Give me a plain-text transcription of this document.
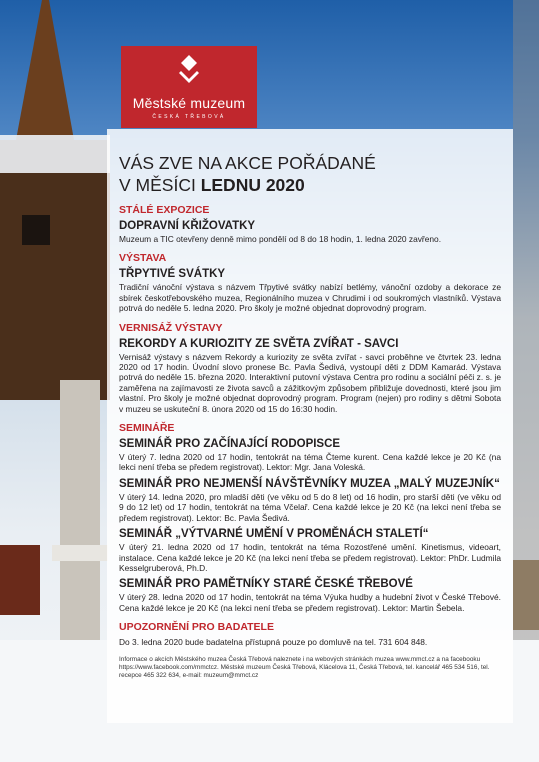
Městské muzeum
ČESKÁ TŘEBOVÁ
VÁS ZVE NA AKCE POŘÁDANÉ
V MĚSÍCI LEDNU 2020
STÁLÉ EXPOZICE
DOPRAVNÍ KŘIŽOVATKY
Muzeum a TIC otevřeny denně mimo pondělí od 8 do 18 hodin, 1. ledna 2020 zavřeno.
VÝSTAVA
TŘPYTIVÉ SVÁTKY
Tradiční vánoční výstava s názvem Třpytivé svátky nabízí betlémy, vánoční ozdoby a dekorace ze sbírek českotřebovského muzea, Regionálního muzea v Chrudimi i od soukromých vlastníků. Výstava potrvá do neděle 5. ledna 2020. Pro školy je možné objednat doprovodný program.
VERNISÁŽ VÝSTAVY
REKORDY A KURIOZITY ZE SVĚTA ZVÍŘAT - SAVCI
Vernisáž výstavy s názvem Rekordy a kuriozity ze světa zvířat - savci proběhne ve čtvrtek 23. ledna 2020 od 17 hodin. Úvodní slovo pronese Bc. Pavla Šedivá, vystoupí děti z DDM Kamarád. Výstava potrvá do neděle 15. března 2020. Interaktivní putovní výstava Centra pro rodinu a sociální péči z. s. je zaměřena na zajímavosti ze života savců a zážitkovým způsobem přibližuje dovednosti, které jsou jim vlastní. Pro školy je možné objednat doprovodný program. Program (nejen) pro rodiny s dětmi Sobota v muzeu se uskuteční 8. února 2020 od 15 do 16:30 hodin.
SEMINÁŘE
SEMINÁŘ PRO ZAČÍNAJÍCÍ RODOPISCE
V úterý 7. ledna 2020 od 17 hodin, tentokrát na téma Čteme kurent. Cena každé lekce je 20 Kč (na lekci není třeba se předem registrovat). Lektor: Mgr. Jana Voleská.
SEMINÁŘ PRO NEJMENŠÍ NÁVŠTĚVNÍKY MUZEA „MALÝ MUZEJNÍK“
V úterý 14. ledna 2020, pro mladší děti (ve věku od 5 do 8 let) od 16 hodin, pro starší děti (ve věku od 9 do 12 let) od 17 hodin, tentokrát na téma Včelař. Cena každé lekce je 20 Kč (na lekci není třeba se předem registrovat). Lektor: Bc. Pavla Šedivá.
SEMINÁŘ „VÝTVARNÉ UMĚNÍ V PROMĚNÁCH STALETÍ“
V úterý 21. ledna 2020 od 17 hodin, tentokrát na téma Rozostřené umění. Kinetismus, videoart, instalace. Cena každé lekce je 20 Kč (na lekci není třeba se předem registrovat). Lektor: PhDr. Ludmila Kesselgruberová, Ph.D.
SEMINÁŘ PRO PAMĚTNÍKY STARÉ ČESKÉ TŘEBOVÉ
V úterý 28. ledna 2020 od 17 hodin, tentokrát na téma Výuka hudby a hudební život v České Třebové. Cena každé lekce je 20 Kč (na lekci není třeba se předem registrovat). Lektor: Martin Šebela.
UPOZORNĚNÍ PRO BADATELE
Do 3. ledna 2020 bude badatelna přístupná pouze po domluvě na tel. 731 604 848.
Informace o akcích Městského muzea Česká Třebová naleznete i na webových stránkách muzea www.mmct.cz a na facebooku https://www.facebook.com/mmctcz. Městské muzeum Česká Třebová, Klácelova 11, Česká Třebová, tel. kancelář 465 534 516, tel. recepce 465 322 634, e-mail: muzeum@mmct.cz
